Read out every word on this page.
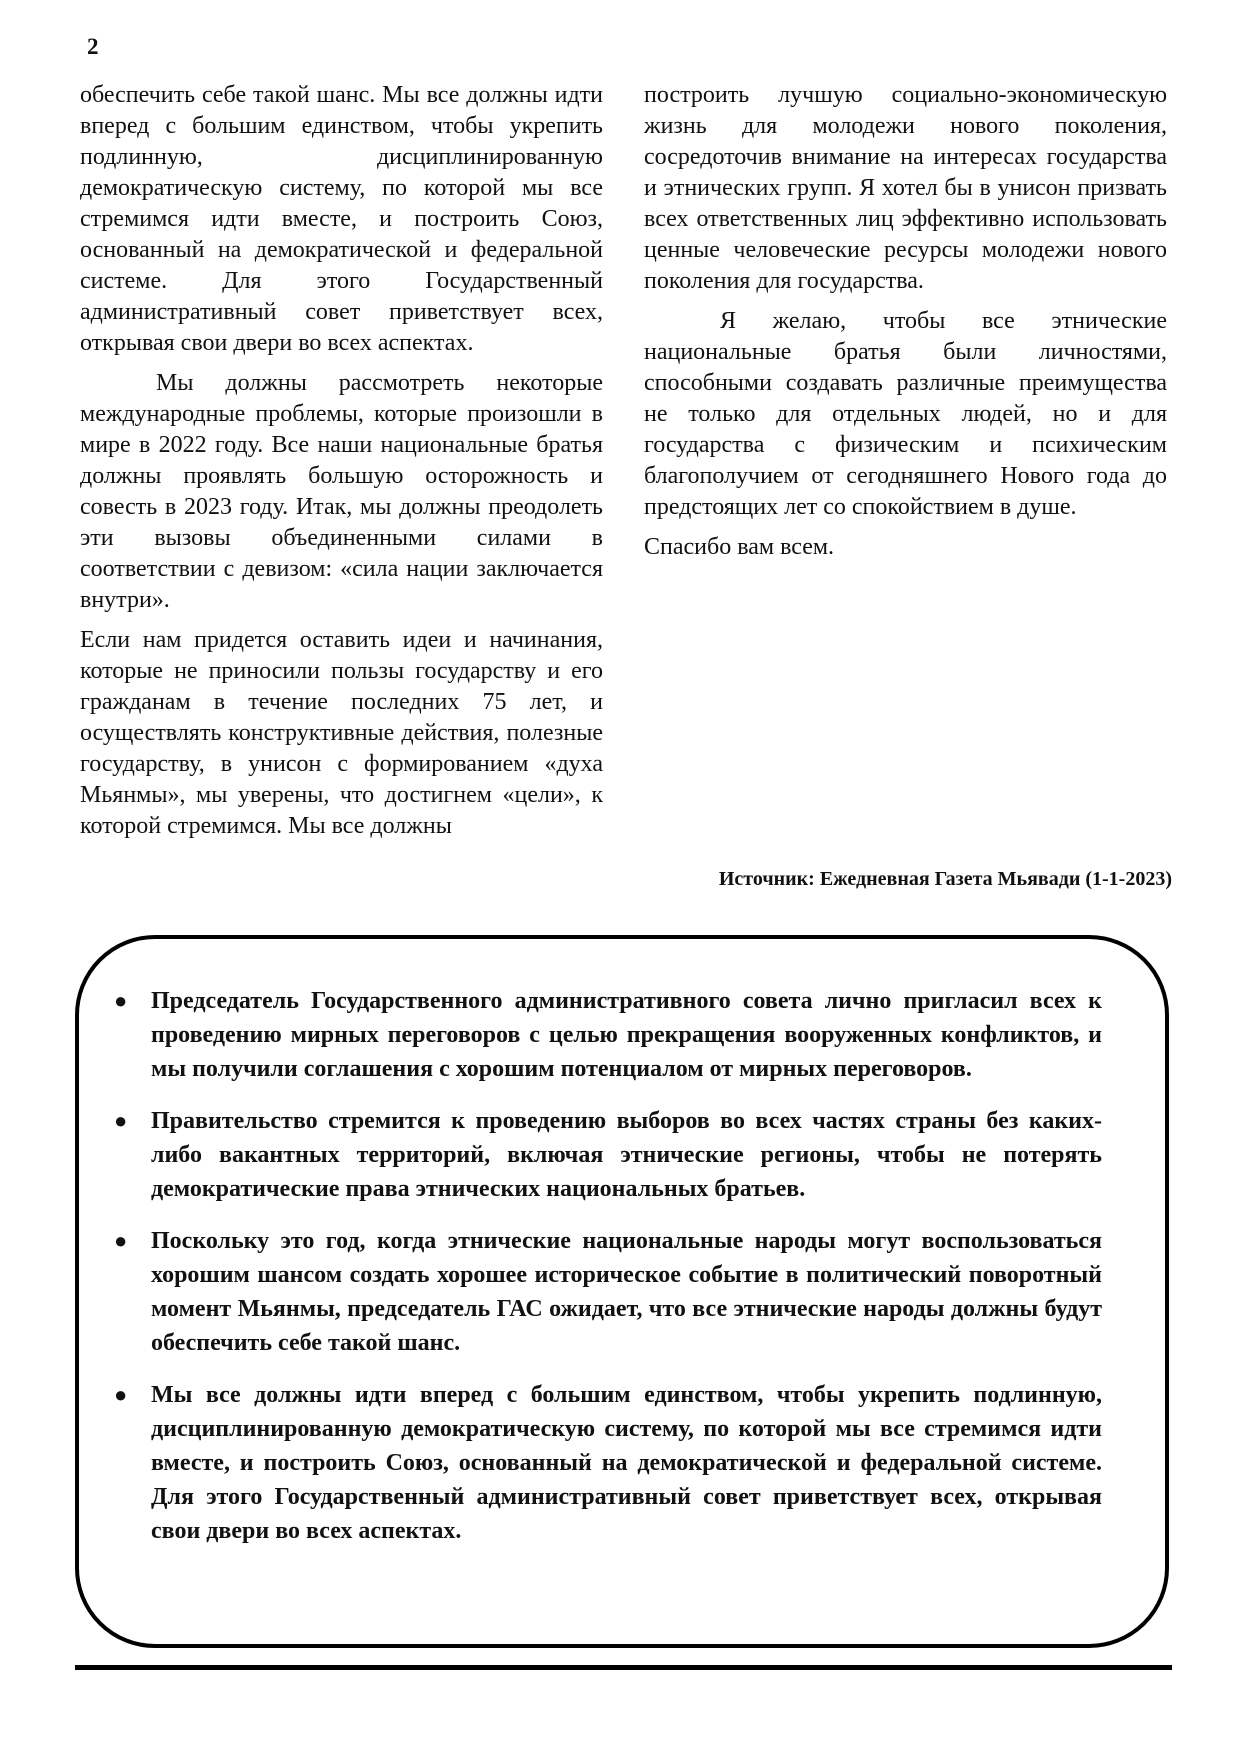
2

обеспечить себе такой шанс. Мы все должны идти вперед с большим единством, чтобы укрепить подлинную, дисциплинированную демократическую систему, по которой мы все стремимся идти вместе, и построить Союз, основанный на демократической и федеральной системе. Для этого Государственный административный совет приветствует всех, открывая свои двери во всех аспектах.

Мы должны рассмотреть некоторые международные проблемы, которые произошли в мире в 2022 году. Все наши национальные братья должны проявлять большую осторожность и совесть в 2023 году. Итак, мы должны преодолеть эти вызовы объединенными силами в соответствии с девизом: «сила нации заключается внутри».

Если нам придется оставить идеи и начинания, которые не приносили пользы государству и его гражданам в течение последних 75 лет, и осуществлять конструктивные действия, полезные государству, в унисон с формированием «духа Мьянмы», мы уверены, что достигнем «цели», к которой стремимся. Мы все должны

построить лучшую социально-экономическую жизнь для молодежи нового поколения, сосредоточив внимание на интересах государства и этнических групп. Я хотел бы в унисон призвать всех ответственных лиц эффективно использовать ценные человеческие ресурсы молодежи нового поколения для государства.

Я желаю, чтобы все этнические национальные братья были личностями, способными создавать различные преимущества не только для отдельных людей, но и для государства с физическим и психическим благополучием от сегодняшнего Нового года до предстоящих лет со спокойствием в душе.

Спасибо вам всем.

Источник: Ежедневная Газета Мьявади (1-1-2023)
● Председатель Государственного административного совета лично пригласил всех к проведению мирных переговоров с целью прекращения вооруженных конфликтов, и мы получили соглашения с хорошим потенциалом от мирных переговоров.
● Правительство стремится к проведению выборов во всех частях страны без каких-либо вакантных территорий, включая этнические регионы, чтобы не потерять демократические права этнических национальных братьев.
● Поскольку это год, когда этнические национальные народы могут воспользоваться хорошим шансом создать хорошее историческое событие в политический поворотный момент Мьянмы, председатель ГАС ожидает, что все этнические народы должны будут обеспечить себе такой шанс.
● Мы все должны идти вперед с большим единством, чтобы укрепить подлинную, дисциплинированную демократическую систему, по которой мы все стремимся идти вместе, и построить Союз, основанный на демократической и федеральной системе. Для этого Государственный административный совет приветствует всех, открывая свои двери во всех аспектах.
